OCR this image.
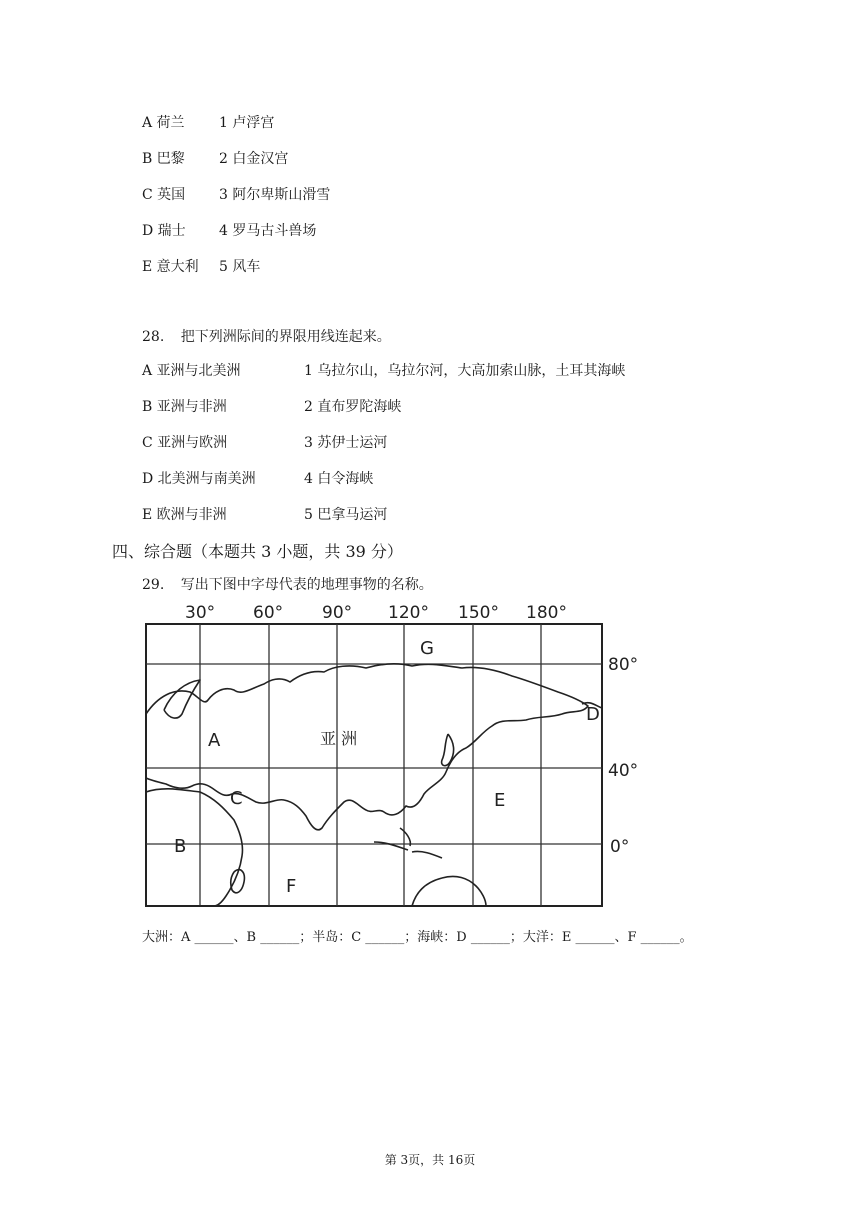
A 荷兰 1 卢浮宫
B 巴黎 2 白金汉宫
C 英国 3 阿尔卑斯山滑雪
D 瑞士 4 罗马古斗兽场
E 意大利 5 风车
28. 把下列洲际间的界限用线连起来。
A 亚洲与北美洲	1 乌拉尔山，乌拉尔河，大高加索山脉，土耳其海峡
B 亚洲与非洲	2 直布罗陀海峡
C 亚洲与欧洲	3 苏伊士运河
D 北美洲与南美洲	4 白令海峡
E 欧洲与非洲	5 巴拿马运河
四、综合题（本题共 3 小题，共 39 分）
29. 写出下图中字母代表的地理事物的名称。
30° 60° 90° 120° 150° 180°
80°
40°
0°
A
B
C
D
E
F
G
亚 洲
大洲：A ______、B ______；半岛：C ______；海峡：D ______；大洋：E ______、F ______。
第 3页，共 16页
